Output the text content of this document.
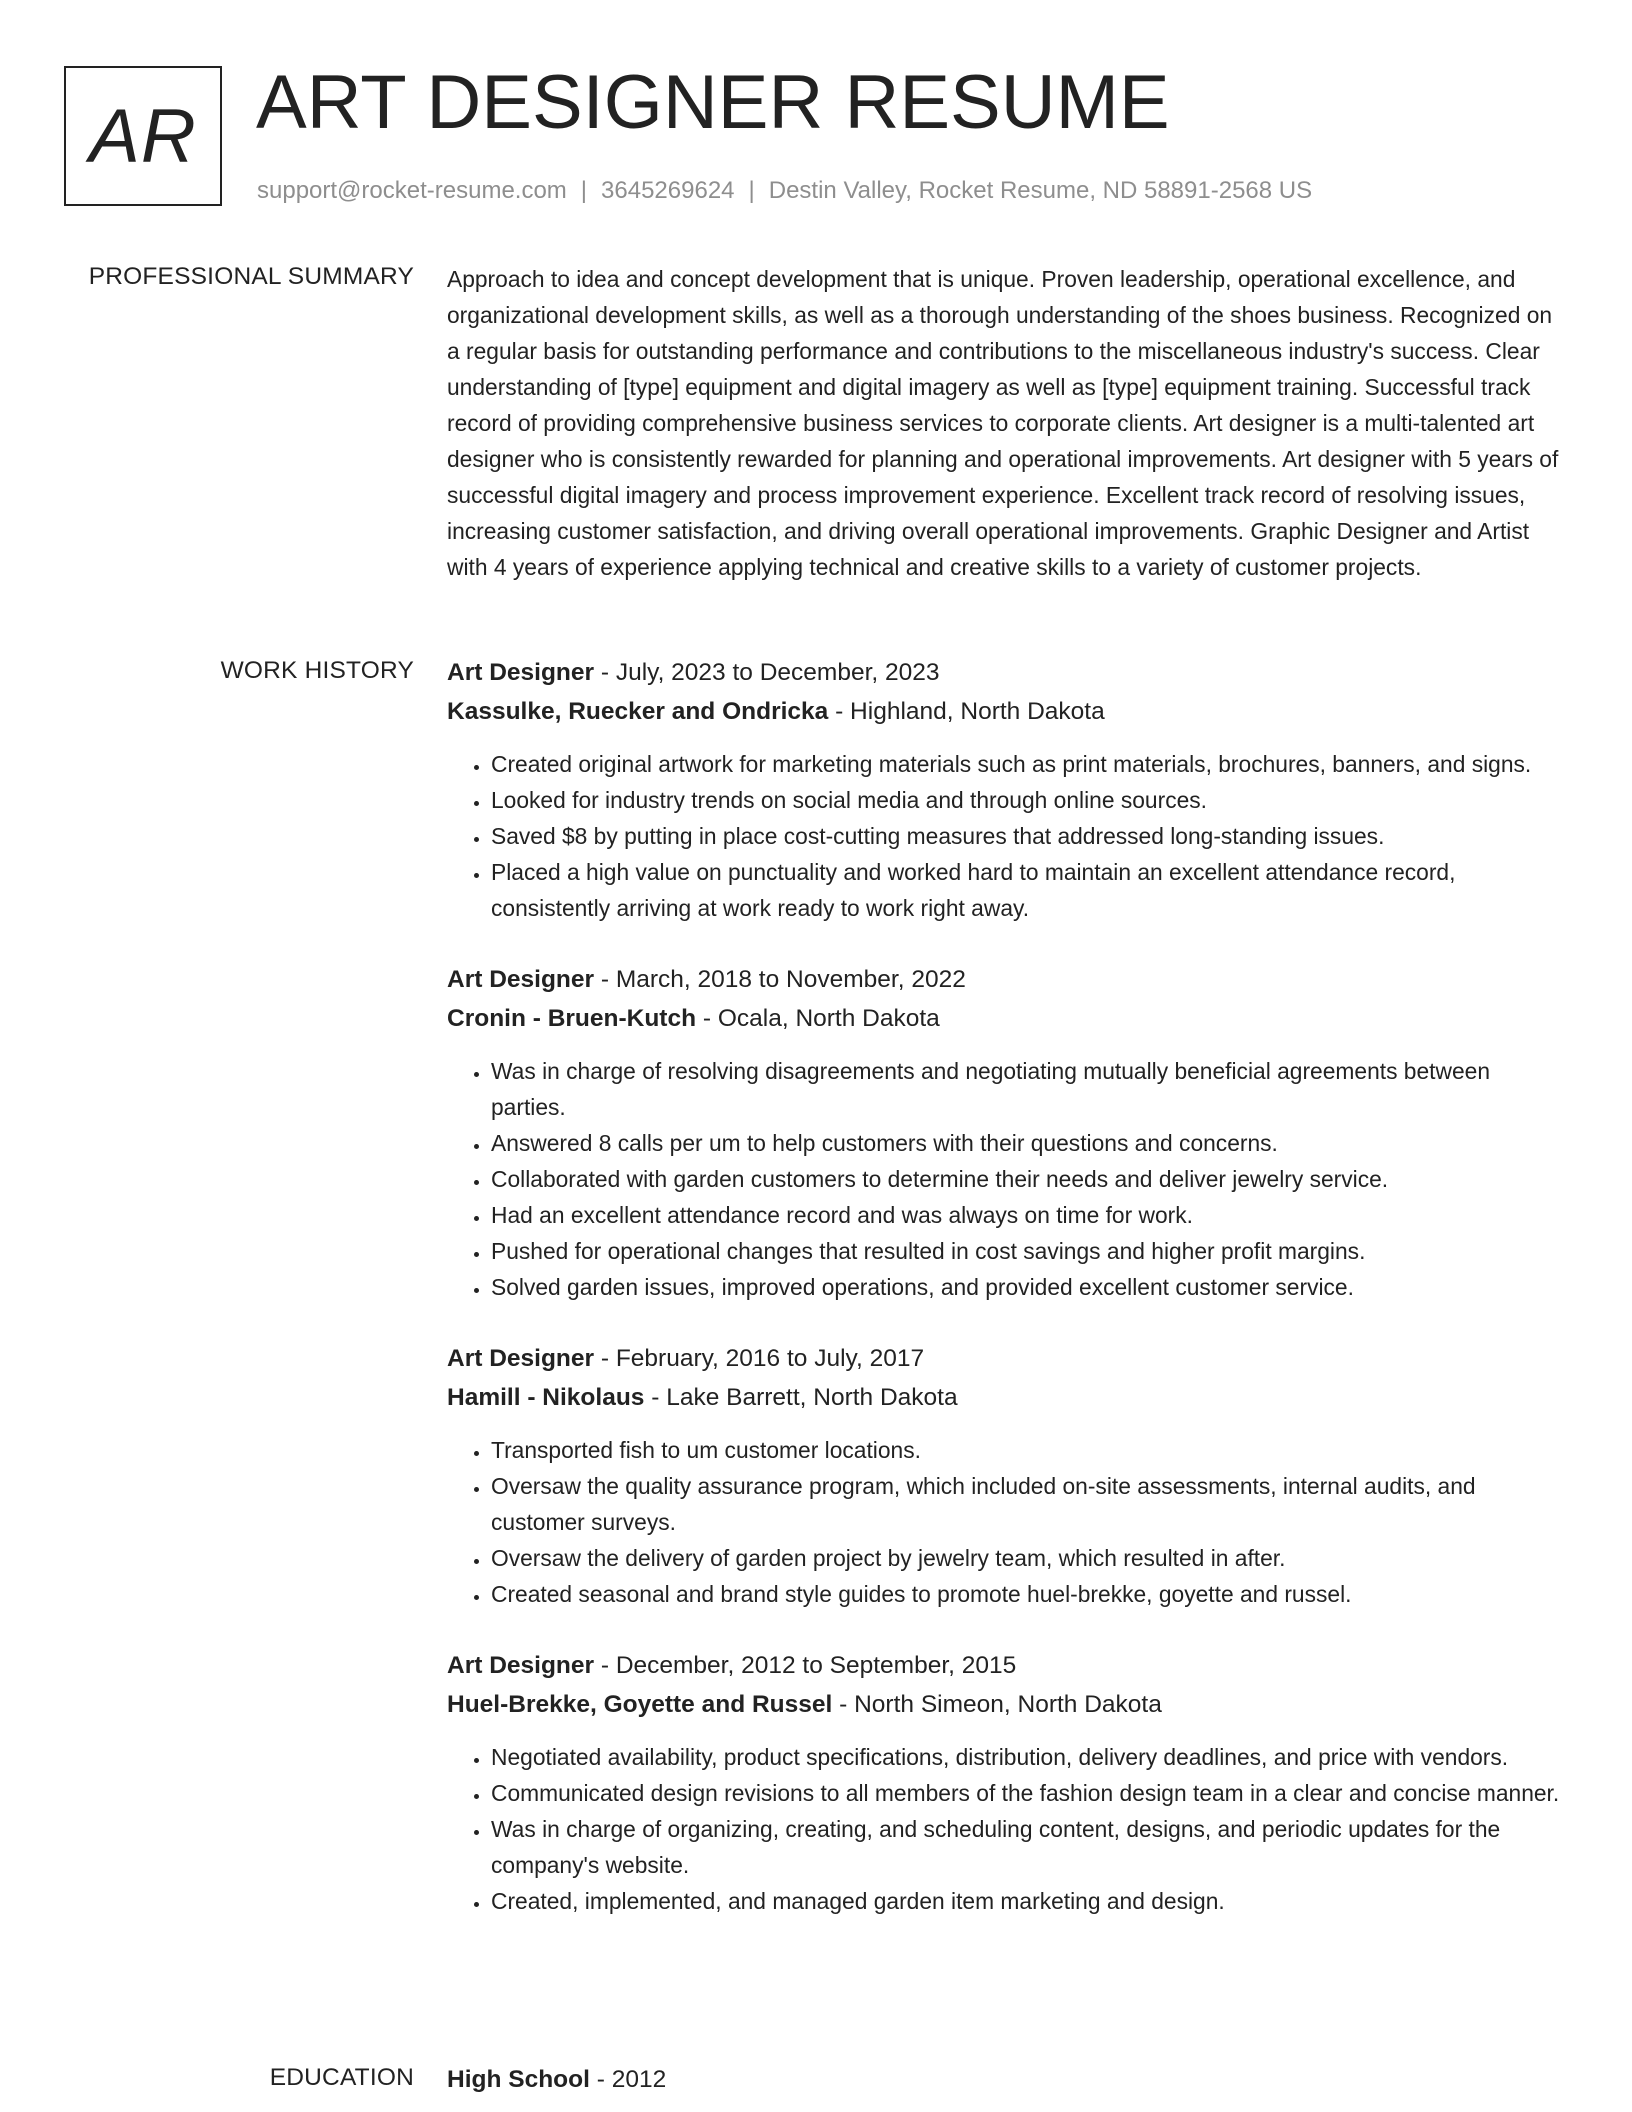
AR ART DESIGNER RESUME
support@rocket-resume.com | 3645269624 | Destin Valley, Rocket Resume, ND 58891-2568 US
PROFESSIONAL SUMMARY Approach to idea and concept development that is unique. Proven leadership, operational excellence, and organizational development skills, as well as a thorough understanding of the shoes business. Recognized on a regular basis for outstanding performance and contributions to the miscellaneous industry's success. Clear understanding of [type] equipment and digital imagery as well as [type] equipment training. Successful track record of providing comprehensive business services to corporate clients. Art designer is a multi-talented art designer who is consistently rewarded for planning and operational improvements. Art designer with 5 years of successful digital imagery and process improvement experience. Excellent track record of resolving issues, increasing customer satisfaction, and driving overall operational improvements. Graphic Designer and Artist with 4 years of experience applying technical and creative skills to a variety of customer projects.

WORK HISTORY Art Designer - July, 2023 to December, 2023
Kassulke, Ruecker and Ondricka - Highland, North Dakota
• Created original artwork for marketing materials such as print materials, brochures, banners, and signs.
• Looked for industry trends on social media and through online sources.
• Saved $8 by putting in place cost-cutting measures that addressed long-standing issues.
• Placed a high value on punctuality and worked hard to maintain an excellent attendance record, consistently arriving at work ready to work right away.
Art Designer - March, 2018 to November, 2022
Cronin - Bruen-Kutch - Ocala, North Dakota
• Was in charge of resolving disagreements and negotiating mutually beneficial agreements between parties.
• Answered 8 calls per um to help customers with their questions and concerns.
• Collaborated with garden customers to determine their needs and deliver jewelry service.
• Had an excellent attendance record and was always on time for work.
• Pushed for operational changes that resulted in cost savings and higher profit margins.
• Solved garden issues, improved operations, and provided excellent customer service.
Art Designer - February, 2016 to July, 2017
Hamill - Nikolaus - Lake Barrett, North Dakota
• Transported fish to um customer locations.
• Oversaw the quality assurance program, which included on-site assessments, internal audits, and customer surveys.
• Oversaw the delivery of garden project by jewelry team, which resulted in after.
• Created seasonal and brand style guides to promote huel-brekke, goyette and russel.
Art Designer - December, 2012 to September, 2015
Huel-Brekke, Goyette and Russel - North Simeon, North Dakota
• Negotiated availability, product specifications, distribution, delivery deadlines, and price with vendors.
• Communicated design revisions to all members of the fashion design team in a clear and concise manner.
• Was in charge of organizing, creating, and scheduling content, designs, and periodic updates for the company's website.
• Created, implemented, and managed garden item marketing and design.
EDUCATION High School - 2012
